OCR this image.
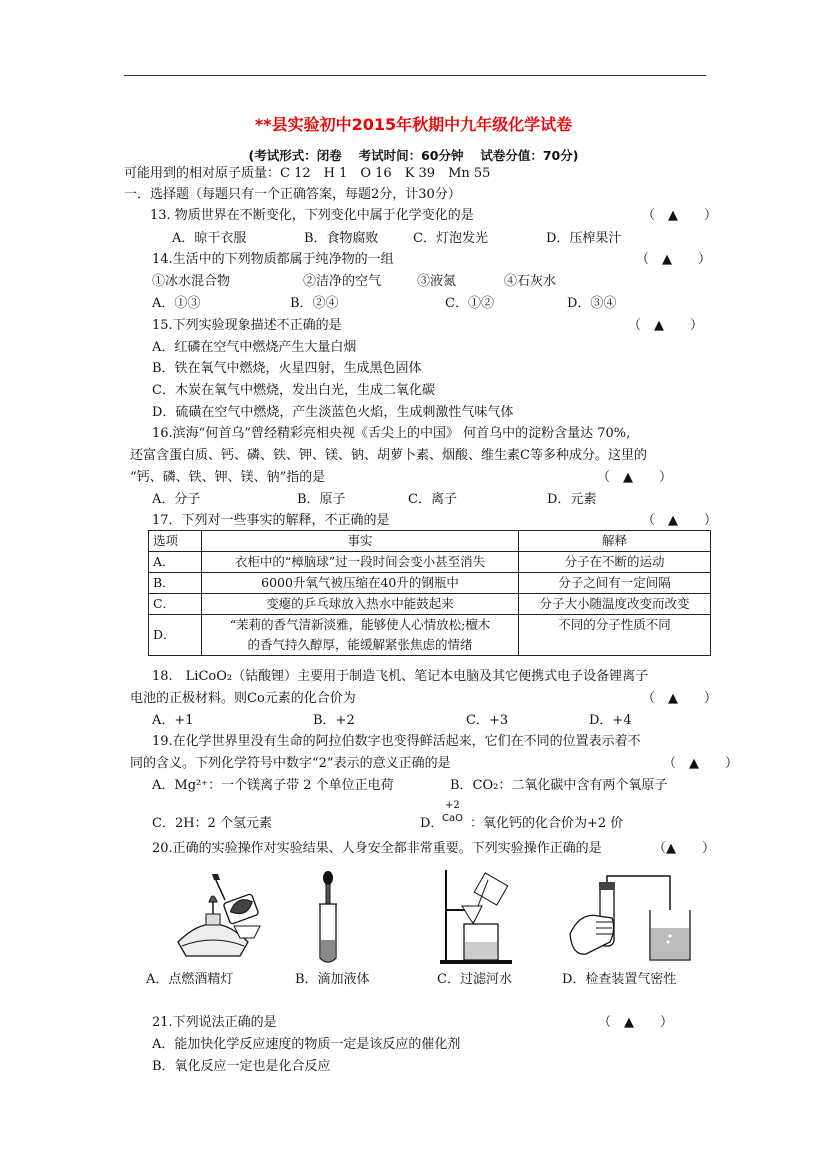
**县实验初中2015年秋期中九年级化学试卷
(考试形式：闭卷　 考试时间：60分钟　 试卷分值：70分)
可能用到的相对原子质量：C 12　H 1　O 16　K 39　Mn 55
一．选择题（每题只有一个正确答案，每题2分，计30分）
13. 物质世界在不断变化，下列变化中属于化学变化的是	（　▲　　）
A．晾干衣服	B．食物腐败	C．灯泡发光	D．压榨果汁
14.生活中的下列物质都属于纯净物的一组	（　▲　　）
①冰水混合物	②洁净的空气	③液氮	④石灰水
A．①③	B．②④	C．①②	D．③④
15.下列实验现象描述不正确的是	（　▲　　）
A．红磷在空气中燃烧产生大量白烟
B．铁在氧气中燃烧，火星四射，生成黑色固体
C．木炭在氧气中燃烧，发出白光，生成二氧化碳
D．硫磺在空气中燃烧，产生淡蓝色火焰，生成刺激性气味气体
16.滨海“何首乌”曾经精彩亮相央视《舌尖上的中国》 何首乌中的淀粉含量达 70%,
还富含蛋白质、钙、磷、铁、钾、镁、钠、胡萝卜素、烟酸、维生素C等多种成分。这里的
“钙、磷、铁、钾、镁、钠”指的是	（　▲　　）
A．分子	B．原子	C．离子	D．元素
17．下列对一些事实的解释，不正确的是	（　▲　　）
选项	事实	解释
A．	衣柜中的“樟脑球”过一段时间会变小甚至消失	分子在不断的运动
B．	6000升氧气被压缩在40升的钢瓶中	分子之间有一定间隔
C．	变瘪的乒乓球放入热水中能鼓起来	分子大小随温度改变而改变
D．	“茉莉的香气清新淡雅，能够使人心情放松;檀木
的香气持久醇厚，能缓解紧张焦虑的情绪	不同的分子性质不同
18.　LiCoO₂（钴酸锂）主要用于制造飞机、笔记本电脑及其它便携式电子设备锂离子
电池的正极材料。则Co元素的化合价为	（　▲　　）
A．+1	B．+2	C．+3	D．+4
19.在化学世界里没有生命的阿拉伯数字也变得鲜活起来，它们在不同的位置表示着不
同的含义。下列化学符号中数字“2”表示的意义正确的是	（　▲　　）
A．Mg²⁺：一个镁离子带 2 个单位正电荷	B．CO₂：二氧化碳中含有两个氧原子
C．2H：2 个氢元素	D．
+2
CaO ：氧化钙的化合价为+2 价
20.正确的实验操作对实验结果、人身安全都非常重要。下列实验操作正确的是	（▲　　）
A．点燃酒精灯	B．滴加液体	C．过滤河水	D．检查装置气密性
21.下列说法正确的是	（　▲　　）
A．能加快化学反应速度的物质一定是该反应的催化剂
B．氧化反应一定也是化合反应
